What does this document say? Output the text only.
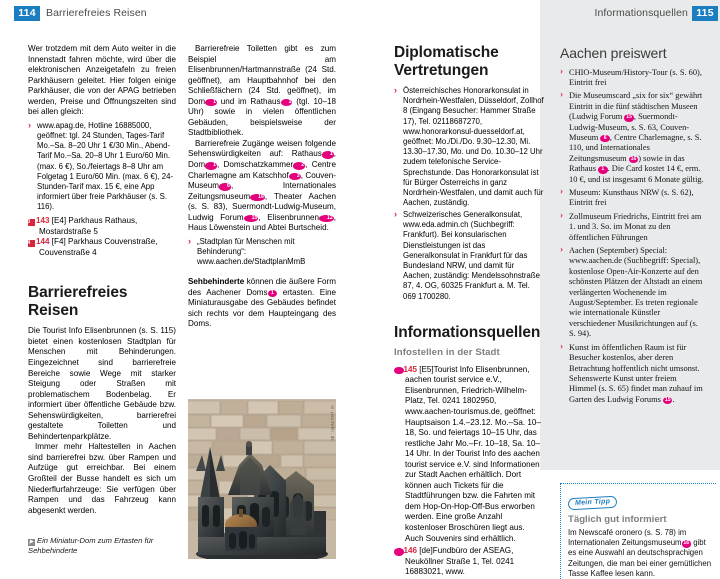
114 Barrierefreies Reisen	Informationsquellen 115

Wer trotzdem mit dem Auto weiter in die Innenstadt fahren möchte, wird über die elektronischen Anzeigetafeln zu freien Parkhäusern geleitet. Hier folgen einige Parkhäuser, die von der APAG betrieben werden, Preise und Öffnungszeiten sind bei allen gleich:

› www.apag.de, Hotline 16885000, geöffnet: tgl. 24 Stunden, Tages-Tarif Mo.–Sa. 8–20 Uhr 1 €/30 Min., Abend-Tarif Mo.–Sa. 20–8 Uhr 1 Euro/60 Min. (max. 6 €), So./feiertags 8–8 Uhr am Folgetag 1 Euro/60 Min. (max. 6 €), 24-Stunden-Tarif max. 15 €, eine App informiert über freie Parkhäuser (s. S. 116).
143 143 [E4] Parkhaus Rathaus, Mostardstraße 5
144 144 [F4] Parkhaus Couvenstraße, Couvenstraße 4
Barrierefreies Reisen

Die Tourist Info Elisenbrunnen (s. S. 115) bietet einen kostenlosen Stadtplan für Menschen mit Behinderungen. Eingezeichnet sind barrierefreie Bereiche sowie Wege mit starker Steigung oder Straßen mit problematischem Bodenbelag. Er informiert über öffentliche Gebäude bzw. Sehenswürdigkeiten, barrierefrei gestaltete Toiletten und Behindertenparkplätze.

Immer mehr Haltestellen in Aachen sind barrierefrei bzw. über Rampen und Aufzüge gut erreichbar. Bei einem Großteil der Busse handelt es sich um Niederflurfahrzeuge: Sie verfügen über Rampen und das Fahrzeug kann abgesenkt werden.

Barrierefreie Toiletten gibt es zum Beispiel am Elisenbrunnen/Hartmannstraße (24 Std. geöffnet), am Hauptbahnhof bei den Schließfächern (24 Std. geöffnet), im Dom 1 und im Rathaus 1 (tgl. 10–18 Uhr) sowie in vielen öffentlichen Gebäuden, beispielsweise der Stadtbibliothek.

Barrierefreie Zugänge weisen folgende Sehenswürdigkeiten auf: Rathaus 1, Dom 1, Domschatzkammer 2, Centre Charlemagne am Katschhof 3, Couven-Museum 6, Internationales Zeitungsmuseum 16, Theater Aachen (s. S. 83), Suermondt-Ludwig-Museum, Ludwig Forum 15, Elisenbrunnen 12, Haus Löwenstein und Abtei Burtscheid.

› „Stadtplan für Menschen mit Behinderung“: www.aachen.de/StadtplanMmB

Sehbehinderte können die äußere Form des Aachener Doms 1 ertasten. Eine Miniaturausgabe des Gebäudes befindet sich rechts vor dem Haupteingang des Doms.

© Lisa Fehn : ds
▶ Ein Miniatur-Dom zum Ertasten für Sehbehinderte
Diplomatische Vertretungen
› Österreichisches Honorarkonsulat in Nordrhein-Westfalen, Düsseldorf, Zollhof 8 (Eingang Besucher: Hammer Straße 17), Tel. 02118687270, www.honorarkonsul-duesseldorf.at, geöffnet: Mo./Di./Do. 9.30–12.30, Mi. 13.30–17.30, Mo. und Do. 10.30–12 Uhr zudem telefonische Service-Sprechstunde. Das Honorarkonsulat ist für Bürger Österreichs in ganz Nordrhein-Westfalen, und damit auch für Aachen, zuständig.
› Schweizerisches Generalkonsulat, www.eda.admin.ch (Suchbegriff: Frankfurt). Bei konsularischen Dienstleistungen ist das Generalkonsulat in Frankfurt für das Bundesland NRW, und damit für Aachen, zuständig: Mendelssohnstraße 87, 4. OG, 60325 Frankfurt a. M. Tel. 069 1700280.
Informationsquellen
Infostellen in der Stadt
i 145 [E5]Tourist Info Elisenbrunnen, aachen tourist service e.V., Elisenbrunnen, Friedrich-Wilhelm-Platz, Tel. 0241 1802950, www.aachen-tourismus.de, geöffnet: Hauptsaison 1.4.–23.12. Mo.–Sa. 10–18, So. und feiertags 10–15 Uhr, das restliche Jahr Mo.–Fr. 10–18, Sa. 10–14 Uhr. In der Tourist Info des aachen tourist service e.V. sind Informationen zur Stadt Aachen erhältlich. Dort können auch Tickets für die Stadtführungen bzw. die Fahrten mit dem Hop-On-Hop-Off-Bus erworben werden. Eine große Anzahl kostenloser Broschüren liegt aus. Auch Souvenirs sind erhältlich.
146 [de]Fundbüro der ASEAG, Neuköllner Straße 1, Tel. 0241 16883021, www.
Aachen preiswert
› CHIO-Museum/History-Tour (s. S. 60), Eintritt frei
› Die Museumscard „six for six“ gewährt Eintritt in die fünf städtischen Museen (Ludwig Forum 15 , Suermondt-Ludwig-Museum, s. S. 63, Couven-Museum 6 , Centre Charlemagne, s. S. 110, und Internationales Zeitungsmuseum 16 ) sowie in das Rathaus 1 . Die Card kostet 14 €, erm. 10 €, und ist insgesamt 6 Monate gültig.
› Museum: Kunsthaus NRW (s. S. 62), Eintritt frei
› Zollmuseum Friedrichs, Eintritt frei am 1. und 3. So. im Monat zu den öffentlichen Führungen
› Aachen (September) Special: www.aachen.de (Suchbegriff: Special), kostenlose Open-Air-Konzerte auf den schönsten Plätzen der Altstadt an einem verlängerten Wochenende im August/September. Es treten regionale wie internationale Künstler verschiedener Musikrichtungen auf (s. S. 94).
› Kunst im öffentlichen Raum ist für Besucher kostenlos, aber deren Betrachtung hoffentlich nicht umsonst. Sehenswerte Kunst unter freiem Himmel (s. S. 65) findet man zuhauf im Garten des Ludwig Forums 15 .
Mein Tipp
Täglich gut informiert
Im Newscafé oronero (s. S. 78) im Internationalen Zeitungsmuseum 16 gibt es eine Auswahl an deutschsprachigen Zeitungen, die man bei einer gemütlichen Tasse Kaffee lesen kann.
